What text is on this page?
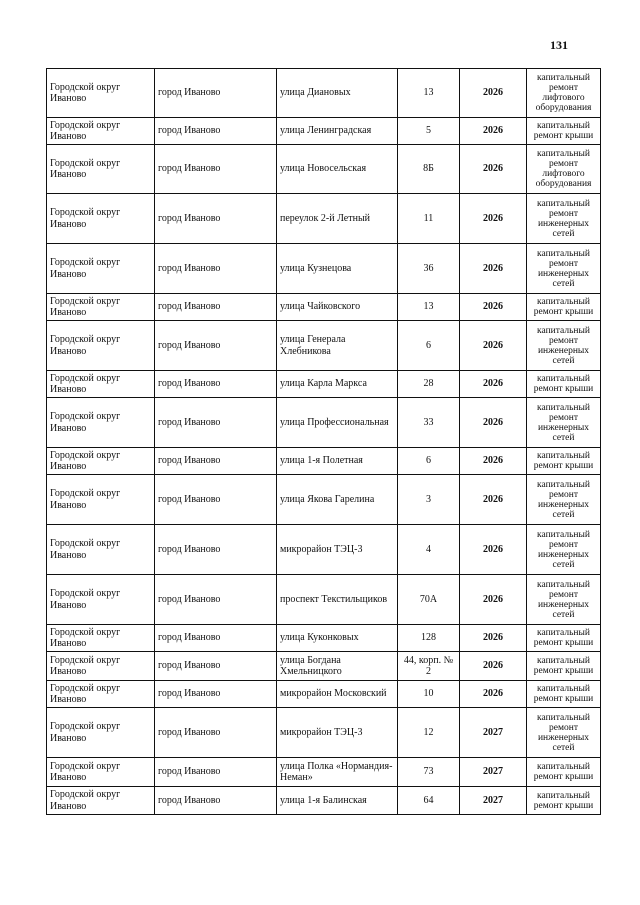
131
Городской округ Иваново	город Иваново	улица Диановых	13	2026	капитальный ремонт лифтового оборудования
Городской округ Иваново	город Иваново	улица Ленинградская	5	2026	капитальный ремонт крыши
Городской округ Иваново	город Иваново	улица Новосельская	8Б	2026	капитальный ремонт лифтового оборудования
Городской округ Иваново	город Иваново	переулок 2-й Летный	11	2026	капитальный ремонт инженерных сетей
Городской округ Иваново	город Иваново	улица Кузнецова	36	2026	капитальный ремонт инженерных сетей
Городской округ Иваново	город Иваново	улица Чайковского	13	2026	капитальный ремонт крыши
Городской округ Иваново	город Иваново	улица Генерала Хлебникова	6	2026	капитальный ремонт инженерных сетей
Городской округ Иваново	город Иваново	улица Карла Маркса	28	2026	капитальный ремонт крыши
Городской округ Иваново	город Иваново	улица Профессиональная	33	2026	капитальный ремонт инженерных сетей
Городской округ Иваново	город Иваново	улица 1-я Полетная	6	2026	капитальный ремонт крыши
Городской округ Иваново	город Иваново	улица Якова Гарелина	3	2026	капитальный ремонт инженерных сетей
Городской округ Иваново	город Иваново	микрорайон ТЭЦ-3	4	2026	капитальный ремонт инженерных сетей
Городской округ Иваново	город Иваново	проспект Текстильщиков	70А	2026	капитальный ремонт инженерных сетей
Городской округ Иваново	город Иваново	улица Куконковых	128	2026	капитальный ремонт крыши
Городской округ Иваново	город Иваново	улица Богдана Хмельницкого	44, корп. № 2	2026	капитальный ремонт крыши
Городской округ Иваново	город Иваново	микрорайон Московский	10	2026	капитальный ремонт крыши
Городской округ Иваново	город Иваново	микрорайон ТЭЦ-3	12	2027	капитальный ремонт инженерных сетей
Городской округ Иваново	город Иваново	улица Полка «Нормандия-Неман»	73	2027	капитальный ремонт крыши
Городской округ Иваново	город Иваново	улица 1-я Балинская	64	2027	капитальный ремонт крыши
